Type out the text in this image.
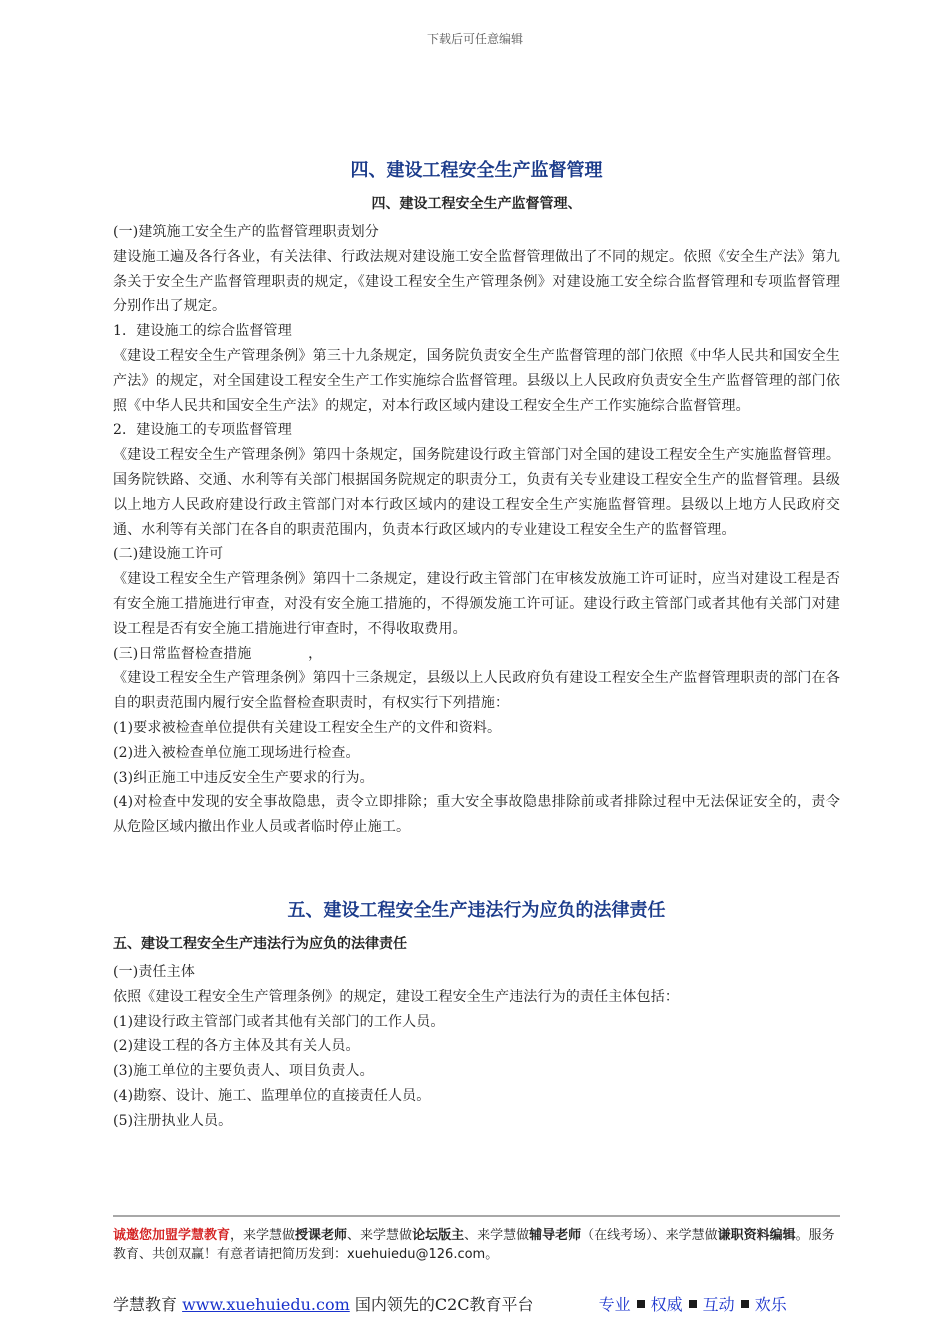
下载后可任意编辑
四、建设工程安全生产监督管理
四、建设工程安全生产监督管理、

(一)建筑施工安全生产的监督管理职责划分

建设施工遍及各行各业，有关法律、行政法规对建设施工安全监督管理做出了不同的规定。依照《安全生产法》第九条关于安全生产监督管理职责的规定，《建设工程安全生产管理条例》对建设施工安全综合监督管理和专项监督管理分别作出了规定。

1．建设施工的综合监督管理

《建设工程安全生产管理条例》第三十九条规定，国务院负责安全生产监督管理的部门依照《中华人民共和国安全生产法》的规定，对全国建设工程安全生产工作实施综合监督管理。县级以上人民政府负责安全生产监督管理的部门依照《中华人民共和国安全生产法》的规定，对本行政区域内建设工程安全生产工作实施综合监督管理。

2．建设施工的专项监督管理

《建设工程安全生产管理条例》第四十条规定，国务院建设行政主管部门对全国的建设工程安全生产实施监督管理。国务院铁路、交通、水利等有关部门根据国务院规定的职责分工，负责有关专业建设工程安全生产的监督管理。县级以上地方人民政府建设行政主管部门对本行政区域内的建设工程安全生产实施监督管理。县级以上地方人民政府交通、水利等有关部门在各自的职责范围内，负责本行政区域内的专业建设工程安全生产的监督管理。

(二)建设施工许可

《建设工程安全生产管理条例》第四十二条规定，建设行政主管部门在审核发放施工许可证时，应当对建设工程是否有安全施工措施进行审查，对没有安全施工措施的，不得颁发施工许可证。建设行政主管部门或者其他有关部门对建设工程是否有安全施工措施进行审查时，不得收取费用。

(三)日常监督检查措施　　　　，

《建设工程安全生产管理条例》第四十三条规定，县级以上人民政府负有建设工程安全生产监督管理职责的部门在各自的职责范围内履行安全监督检查职责时，有权实行下列措施：

(1)要求被检查单位提供有关建设工程安全生产的文件和资料。

(2)进入被检查单位施工现场进行检查。

(3)纠正施工中违反安全生产要求的行为。

(4)对检查中发现的安全事故隐患，责令立即排除；重大安全事故隐患排除前或者排除过程中无法保证安全的，责令从危险区域内撤出作业人员或者临时停止施工。

五、建设工程安全生产违法行为应负的法律责任
五、建设工程安全生产违法行为应负的法律责任

(一)责任主体

依照《建设工程安全生产管理条例》的规定，建设工程安全生产违法行为的责任主体包括：

(1)建设行政主管部门或者其他有关部门的工作人员。

(2)建设工程的各方主体及其有关人员。

(3)施工单位的主要负责人、项目负责人。

(4)勘察、设计、施工、监理单位的直接责任人员。

(5)注册执业人员。

诚邀您加盟学慧教育，来学慧做授课老师、来学慧做论坛版主、来学慧做辅导老师（在线考场）、来学慧做谦职资料编辑。服务教育、共创双赢！有意者请把简历发到：xuehuiedu@126.com。
学慧教育 www.xuehuiedu.com 国内领先的C2C教育平台	专业 权威 互动 欢乐
